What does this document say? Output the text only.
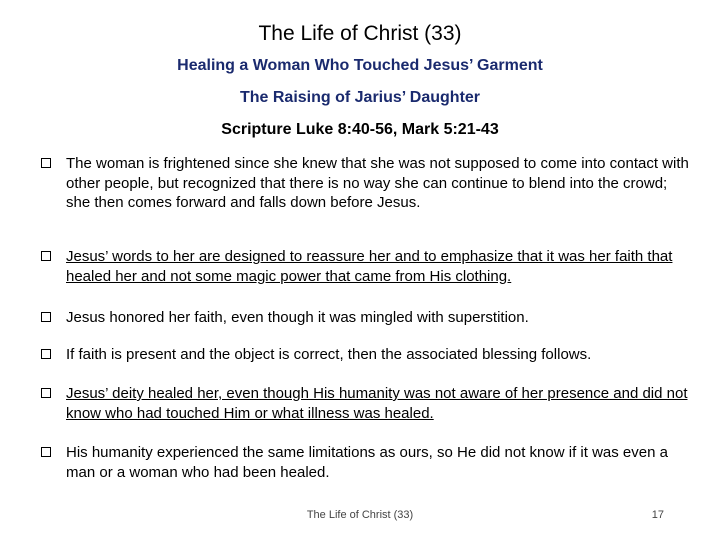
The Life of Christ (33)
Healing a Woman Who Touched Jesus’ Garment
The Raising of Jarius’ Daughter
Scripture Luke 8:40-56, Mark 5:21-43
The woman is frightened since she knew that she was not supposed to come into contact with other people, but recognized that there is no way she can continue to blend into the crowd; she then comes forward and falls down before Jesus.
Jesus’ words to her are designed to reassure her and to emphasize that it was her faith that healed her and not some magic power that came from His clothing.
Jesus honored her faith, even though it was mingled with superstition.
If faith is present and the object is correct, then the associated blessing follows.
Jesus’ deity healed her, even though His humanity was not aware of her presence and did not know who had touched Him or what illness was healed.
His humanity experienced the same limitations as ours, so He did not know if it was even a man or a woman who had been healed.
The Life of Christ (33)	17
